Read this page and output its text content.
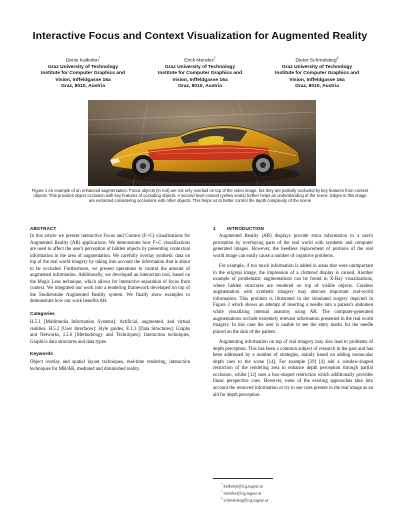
Interactive Focus and Context Visualization for Augmented Reality
Denis Kalkofen*
Graz University of Technology
Institute for Computer Graphics and
Vision, Inffeldgasse 16a
Graz, 8010, Austria
Erick Mendez†
Graz University of Technology
Institute for Computer Graphics and
Vision, Inffeldgasse 16a
Graz, 8010, Austria
Dieter Schmalstieg‡
Graz University of Technology
Institute for Computer Graphics and
Vision, Inffeldgasse 16a
Graz, 8010, Austria
Figure 1 An example of an enhanced augmentation. Focus objects (in red) are not only overlaid on top of the video image, but they are partially occluded by key features from context objects. This provides object occlusion with key features of occluding objects. A second level context (yellow seats) further helps an understanding of the scene. Edges in this image are extracted considering occlusions with other objects. This helps us to better control the depth complexity of the scene
ABSTRACT

In this article we present interactive Focus and Context (F+C) visualizations for Augmented Reality (AR) applications. We demonstrate how F+C visualizations are used to affect the user's perception of hidden objects by presenting contextual information in the area of augmentation. We carefully overlay synthetic data on top of the real world imagery by taking into account the information that is about to be occluded. Furthermore, we present operations to control the amount of augmented information. Additionally, we developed an interaction tool, based on the Magic Lens technique, which allows for interactive separation of focus from context. We integrated our work into a rendering framework developed on top of the Studierstube Augmented Reality system. We finally show examples to demonstrate how our work benefits AR.

Categories

H.5.1 [Multimedia Information Systems]: Artificial, augmented, and virtual realities. H.5.2 [User Interfaces]: Style guides, E.1.3 [Data Structures]: Graphs and Networks, I.3.6 [Methodology and Techniques]: Interaction techniques, Graphics data structures and data types.

Keywords

Object overlay and spatial layout techniques, real-time rendering, interaction techniques for MR/AR, mediated and diminished reality.

1 INTRODUCTION

Augmented Reality (AR) displays provide extra information to a user's perception by overlaying parts of the real world with synthetic and computer generated images. However, the heedless replacement of portions of the real world image can easily cause a number of cognitive problems.

For example, if too much information is added in areas that were unimportant in the original image, the impression of a cluttered display is caused. Another example of problematic augmentations can be found in X-Ray visualizations, where hidden structures are rendered on top of visible objects. Careless augmentation with synthetic imagery may obscure important real-world information. This problem is illustrated in the simulated surgery depicted in Figure 2 which shows an attempt of inserting a needle into a patient's abdomen while visualizing internal anatomy using AR. The computer-generated augmentations occlude extremely relevant information presented in the real world imagery. In this case the user is unable to see the entry marks for the needle placed on the skin of the patient.

Augmenting information on top of real imagery may also lead to problems of depth perception. This has been a common subject of research in the past and has been addressed by a number of strategies, mainly based on adding monocular depth cues to the scene [14]. For example [29] [4] add a window-shaped restriction of the rendering area to enhance depth perception through partial occlusion, whilst [12] uses a box-shaped restriction which additionally provides linear perspective cues. However, none of the existing approaches take into account the removed information or try to use cues present in the real image as an aid for depth perception.

* kalkofen@icg.tugraz.at
† mendez@icg.tugraz.at
‡ schmalstieg@icg.tugraz.at
